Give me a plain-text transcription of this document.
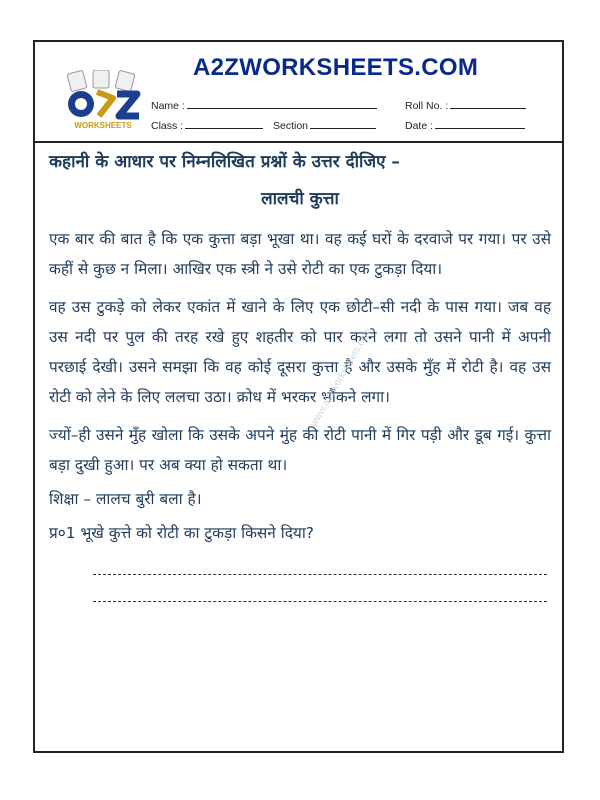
WORKSHEETS
A2ZWORKSHEETS.COM
Name :	Roll No. :
Class :	Section	Date :
कहानी के आधार पर निम्नलिखित प्रश्नों के उत्तर दीजिए –
लालची कुत्ता
एक बार की बात है कि एक कुत्ता बड़ा भूखा था। वह कई घरों के दरवाजे पर गया। पर उसे कहीं से कुछ न मिला। आखिर एक स्त्री ने उसे रोटी का एक टुकड़ा दिया।
वह उस टुकड़े को लेकर एकांत में खाने के लिए एक छोटी–सी नदी के पास गया। जब वह उस नदी पर पुल की तरह रखे हुए शहतीर को पार करने लगा तो उसने पानी में अपनी परछाई देखी। उसने समझा कि वह कोई दूसरा कुत्ता है और उसके मुँह में रोटी है। वह उस रोटी को लेने के लिए ललचा उठा। क्रोध में भरकर भौंकने लगा।
ज्यों–ही उसने मुँह खोला कि उसके अपने मुंह की रोटी पानी में गिर पड़ी और डूब गई। कुत्ता बड़ा दुखी हुआ। पर अब क्या हो सकता था।
शिक्षा – लालच बुरी बला है।
प्र०1 भूखे कुत्ते को रोटी का टुकड़ा किसने दिया?
www.a2zworksheets.com
